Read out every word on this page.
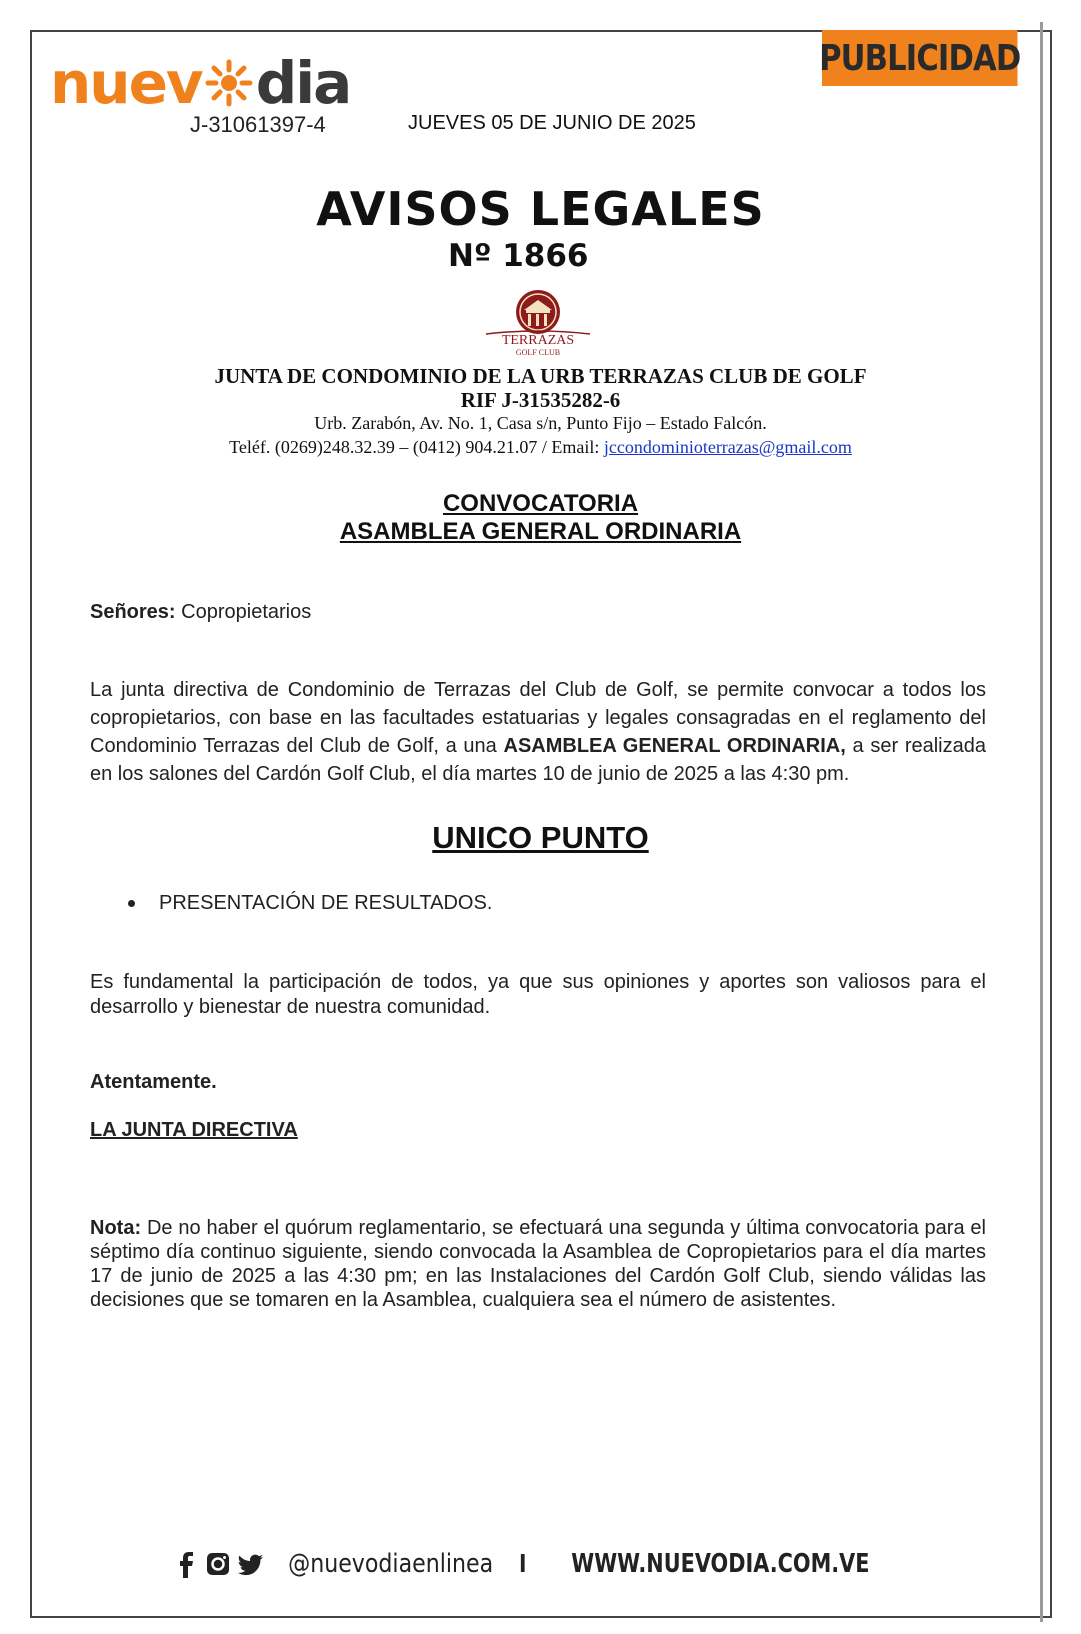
nuev dia
J-31061397-4	JUEVES 05 DE JUNIO DE 2025
PUBLICIDAD
AVISOS LEGALES
Nº 1866
TERRAZAS
GOLF CLUB
JUNTA DE CONDOMINIO DE LA URB TERRAZAS CLUB DE GOLF
RIF J-31535282-6
Urb. Zarabón, Av. No. 1, Casa s/n, Punto Fijo – Estado Falcón.
Teléf. (0269)248.32.39 – (0412) 904.21.07 / Email: jccondominioterrazas@gmail.com
CONVOCATORIA
ASAMBLEA GENERAL ORDINARIA
Señores: Copropietarios
La junta directiva de Condominio de Terrazas del Club de Golf, se permite convocar a todos los copropietarios, con base en las facultades estatuarias y legales consagradas en el reglamento del Condominio Terrazas del Club de Golf, a una ASAMBLEA GENERAL ORDINARIA, a ser realizada en los salones del Cardón Golf Club, el día martes 10 de junio de 2025 a las 4:30 pm.
UNICO PUNTO
PRESENTACIÓN DE RESULTADOS.
Es fundamental la participación de todos, ya que sus opiniones y aportes son valiosos para el desarrollo y bienestar de nuestra comunidad.
Atentamente.
LA JUNTA DIRECTIVA
Nota: De no haber el quórum reglamentario, se efectuará una segunda y última convocatoria para el séptimo día continuo siguiente, siendo convocada la Asamblea de Copropietarios para el día martes 17 de junio de 2025 a las 4:30 pm; en las Instalaciones del Cardón Golf Club, siendo válidas las decisiones que se tomaren en la Asamblea, cualquiera sea el número de asistentes.
@nuevodiaenlinea I WWW.NUEVODIA.COM.VE
